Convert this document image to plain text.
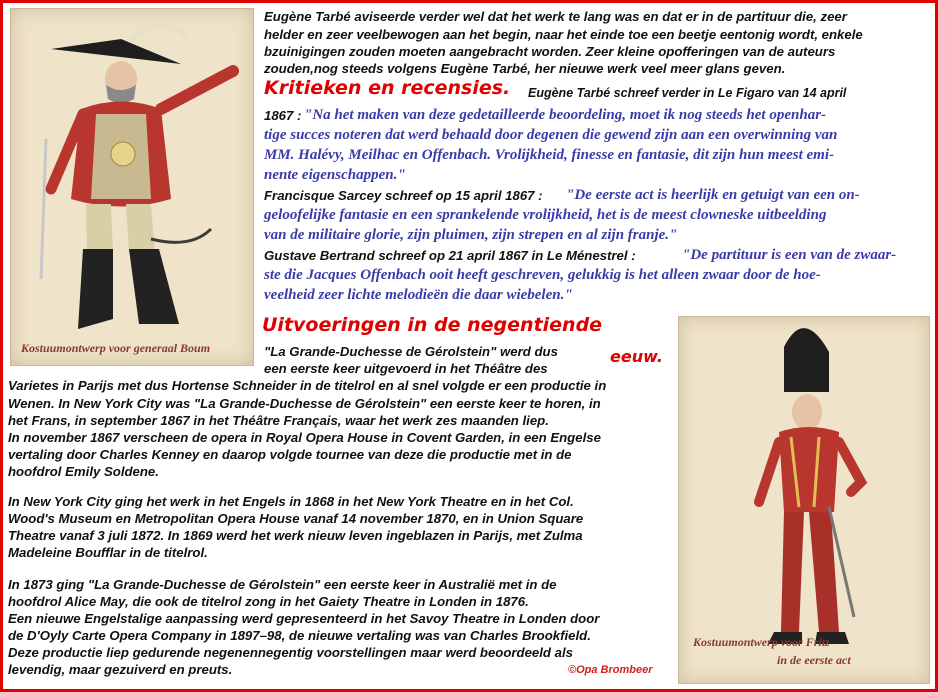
Kostuumontwerp voor generaal Boum
Kostuumontwerp voor Fritz
in de eerste act
Eugène Tarbé aviseerde verder wel dat het werk te lang was en dat er in de partituur die, zeer
helder en zeer veelbewogen aan het begin, naar het einde toe een beetje eentonig wordt, enkele
bzuinigingen zouden moeten aangebracht worden. Zeer kleine opofferingen van de auteurs
zouden,nog steeds volgens Eugène Tarbé, her nieuwe werk veel meer glans geven.
Kritieken en recensies. Eugène Tarbé schreef verder in Le Figaro van 14 april
1867 : "Na het maken van deze gedetailleerde beoordeling, moet ik nog steeds het openhar-
tige succes noteren dat werd behaald door degenen die gewend zijn aan een overwinning van
MM. Halévy, Meilhac en Offenbach. Vrolijkheid, finesse en fantasie, dit zijn hun meest emi-
nente eigenschappen."
Francisque Sarcey schreef op 15 april 1867 : "De eerste act is heerlijk en getuigt van een on-
geloofelijke fantasie en een sprankelende vrolijkheid, het is de meest clowneske uitbeelding
van de militaire glorie, zijn pluimen, zijn strepen en al zijn franje."
Gustave Bertrand schreef op 21 april 1867 in Le Ménestrel :	"De partituur is een van de zwaar-
ste die Jacques Offenbach ooit heeft geschreven, gelukkig is het alleen zwaar door de hoe-
veelheid zeer lichte melodieën die daar wiebelen."
Uitvoeringen in de negentiende
eeuw.
"La Grande-Duchesse de Gérolstein" werd dus
een eerste keer uitgevoerd in het Théâtre des
Varietes in Parijs met dus Hortense Schneider in de titelrol en al snel volgde er een productie in
Wenen. In New York City was "La Grande-Duchesse de Gérolstein" een eerste keer te horen, in
het Frans, in september 1867 in het Théâtre Français, waar het werk zes maanden liep.
In november 1867 verscheen de opera in Royal Opera House in Covent Garden, in een Engelse
vertaling door Charles Kenney en daarop volgde tournee van deze die productie met in de
hoofdrol Emily Soldene.
In New York City ging het werk in het Engels in 1868 in het New York Theatre en in het Col.
Wood's Museum en Metropolitan Opera House vanaf 14 november 1870, en in Union Square
Theatre vanaf 3 juli 1872. In 1869 werd het werk nieuw leven ingeblazen in Parijs, met Zulma
Madeleine Boufflar in de titelrol.
In 1873 ging "La Grande-Duchesse de Gérolstein" een eerste keer in Australië met in de
hoofdrol Alice May, die ook de titelrol zong in het Gaiety Theatre in Londen in 1876.
Een nieuwe Engelstalige aanpassing werd gepresenteerd in het Savoy Theatre in Londen door
de D'Oyly Carte Opera Company in 1897–98, de nieuwe vertaling was van Charles Brookfield.
Deze productie liep gedurende negenennegentig voorstellingen maar werd beoordeeld als
levendig, maar gezuiverd en preuts.	©Opa Brombeer
